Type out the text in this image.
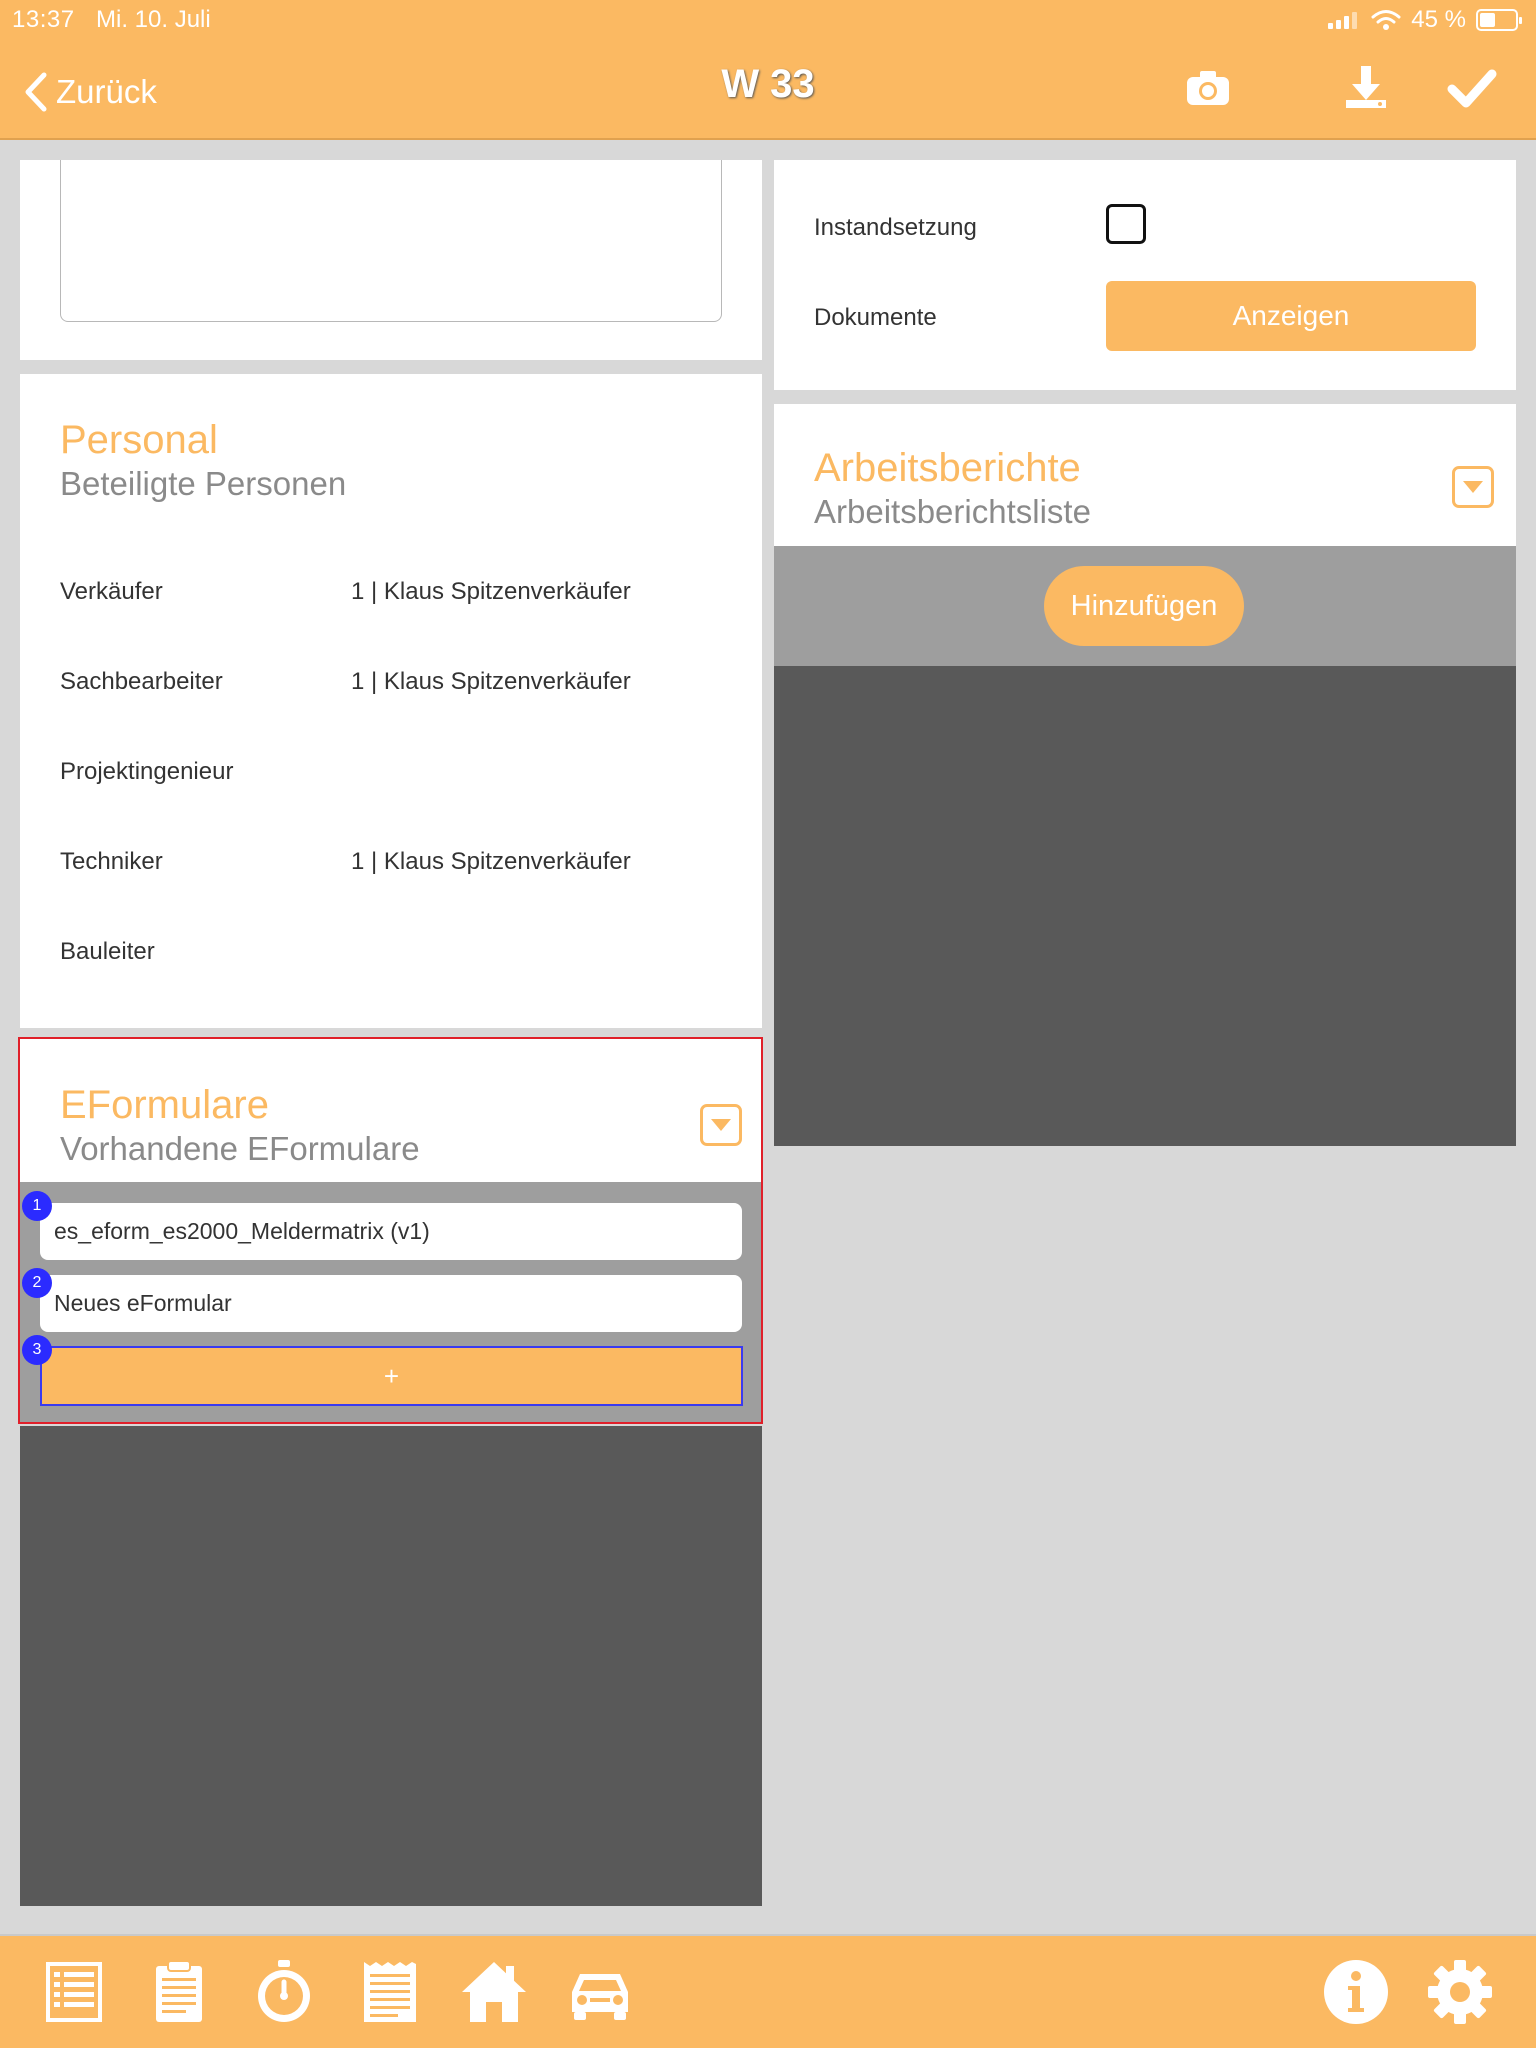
13:37 Mi. 10. Juli	45 %
Zurück	W 33
Personal
Beteiligte Personen
Verkäufer	1 | Klaus Spitzenverkäufer
Sachbearbeiter	1 | Klaus Spitzenverkäufer
Projektingenieur
Techniker	1 | Klaus Spitzenverkäufer
Bauleiter
EFormulare
Vorhandene EFormulare
es_eform_es2000_Meldermatrix (v1)
Neues eFormular
+
1
2
3
Instandsetzung
Dokumente	Anzeigen
Arbeitsberichte
Arbeitsberichtsliste
Hinzufügen
